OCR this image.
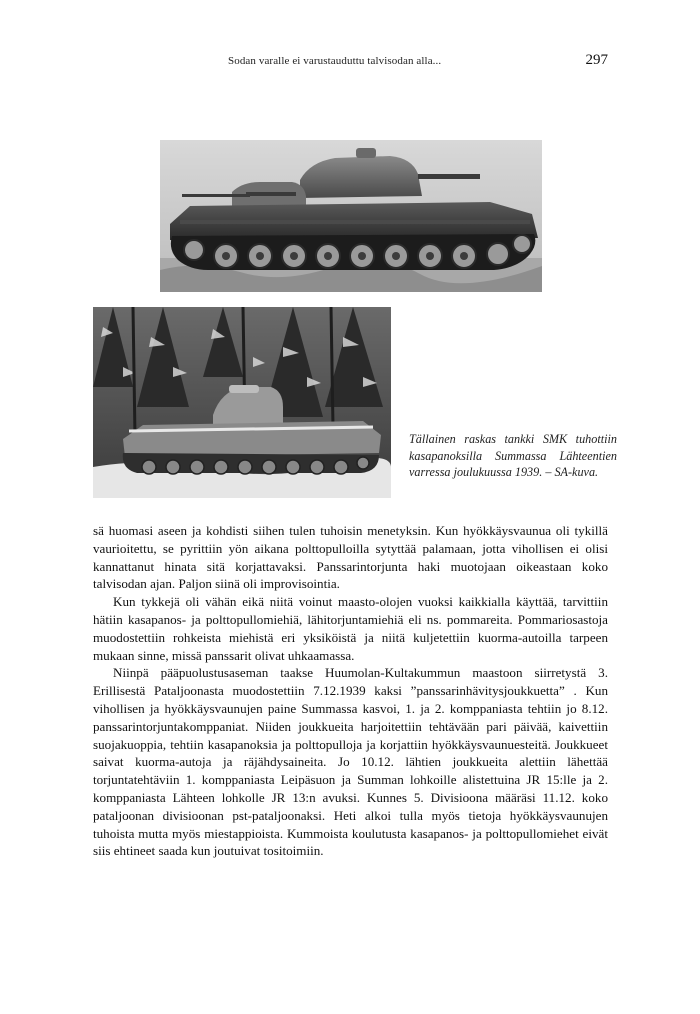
Sodan varalle ei varustauduttu talvisodan alla...	297

Tällainen raskas tankki SMK tuhottiin kasapanoksilla Summassa Lähteentien varressa joulukuussa 1939. – SA-kuva.

sä huomasi aseen ja kohdisti siihen tulen tuhoisin menetyksin. Kun hyökkäysvaunua oli tykillä vaurioitettu, se pyrittiin yön aikana polttopulloilla sytyttää palamaan, jotta vihollisen ei olisi kannattanut hinata sitä korjattavaksi. Panssarintorjunta haki muotojaan oikeastaan koko talvisodan ajan. Paljon siinä oli improvisointia.

Kun tykkejä oli vähän eikä niitä voinut maasto-olojen vuoksi kaikkialla käyttää, tarvittiin hätiin kasapanos- ja polttopullomiehiä, lähitorjuntamiehiä eli ns. pommareita. Pommariosastoja muodostettiin rohkeista miehistä eri yksiköistä ja niitä kuljetettiin kuorma-autoilla tarpeen mukaan sinne, missä panssarit olivat uhkaamassa.

Niinpä pääpuolustusaseman taakse Huumolan-Kultakummun maastoon siirretystä 3. Erillisestä Pataljoonasta muodostettiin 7.12.1939 kaksi ”panssarinhävitysjoukkuetta” . Kun vihollisen ja hyökkäysvaunujen paine Summassa kasvoi, 1. ja 2. komppaniasta tehtiin jo 8.12. panssarintorjuntakomppaniat. Niiden joukkueita harjoitettiin tehtävään pari päivää, kaivettiin suojakuoppia, tehtiin kasapanoksia ja polttopulloja ja korjattiin hyökkäysvaunuesteitä. Joukkueet saivat kuorma-autoja ja räjähdysaineita. Jo 10.12. lähtien joukkueita alettiin lähettää torjuntatehtäviin 1. komppaniasta Leipäsuon ja Summan lohkoille alistettuina JR 15:lle ja 2. komppaniasta Lähteen lohkolle JR 13:n avuksi. Kunnes 5. Divisioona määräsi 11.12. koko pataljoonan divisioonan pst-pataljoonaksi. Heti alkoi tulla myös tietoja hyökkäysvaunujen tuhoista mutta myös miestappioista. Kummoista koulutusta kasapanos- ja polttopullomiehet eivät siis ehtineet saada kun joutuivat tositoimiin.
